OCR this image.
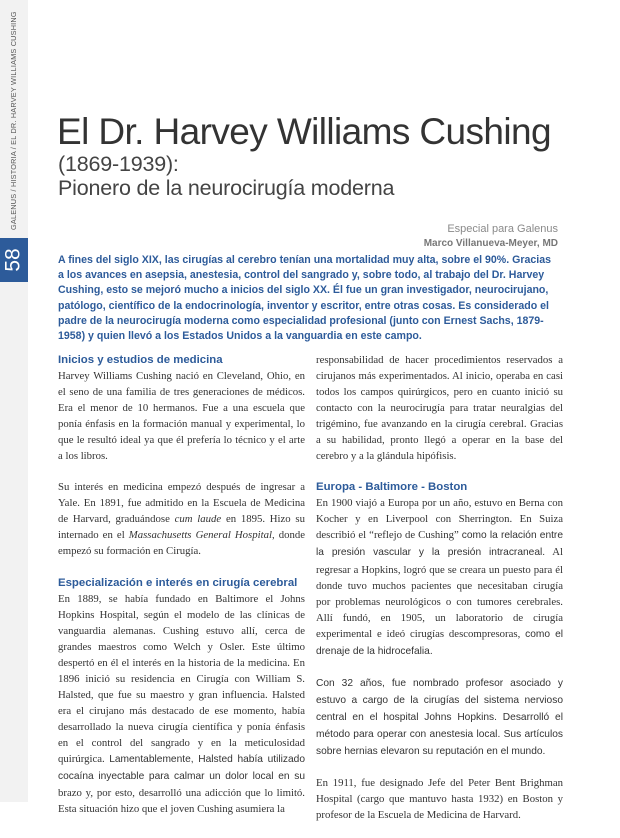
58
GALENUS / HISTORIA / EL DR. HARVEY WILLIAMS CUSHING El Dr. Harvey Williams Cushing
(1869-1939):
Pionero de la neurocirugía moderna
Especial para Galenus
Marco Villanueva-Meyer, MD
A fines del siglo XIX, las cirugías al cerebro tenían una mortalidad muy alta, sobre el 90%. Gracias a los avances en asepsia, anestesia, control del sangrado y, sobre todo, al trabajo del Dr. Harvey Cushing, esto se mejoró mucho a inicios del siglo XX. Él fue un gran investigador, neurocirujano, patólogo, científico de la endocrinología, inventor y escritor, entre otras cosas. Es considerado el padre de la neurocirugía moderna como especialidad profesional (junto con Ernest Sachs, 1879-1958) y quien llevó a los Estados Unidos a la vanguardia en este campo.
Inicios y estudios de medicina

Harvey Williams Cushing nació en Cleveland, Ohio, en el seno de una familia de tres generaciones de médicos. Era el menor de 10 hermanos. Fue a una escuela que ponía énfasis en la formación manual y experimental, lo que le resultó ideal ya que él prefería lo técnico y el arte a los libros.

Su interés en medicina empezó después de ingresar a Yale. En 1891, fue admitido en la Escuela de Medicina de Harvard, graduándose cum laude en 1895. Hizo su internado en el Massachusetts General Hospital, donde empezó su formación en Cirugía.

Especialización e interés en cirugía cerebral

En 1889, se había fundado en Baltimore el Johns Hopkins Hospital, según el modelo de las clínicas de vanguardia alemanas. Cushing estuvo allí, cerca de grandes maestros como Welch y Osler. Este último despertó en él el interés en la historia de la medicina. En 1896 inició su residencia en Cirugía con William S. Halsted, que fue su maestro y gran influencia. Halsted era el cirujano más destacado de ese momento, había desarrollado la nueva cirugía científica y ponía énfasis en el control del sangrado y en la meticulosidad quirúrgica. Lamentablemente, Halsted había utilizado cocaína inyectable para calmar un dolor local en su brazo y, por esto, desarrolló una adicción que lo limitó. Esta situación hizo que el joven Cushing asumiera la

responsabilidad de hacer procedimientos reservados a cirujanos más experimentados. Al inicio, operaba en casi todos los campos quirúrgicos, pero en cuanto inició su contacto con la neurocirugía para tratar neuralgias del trigémino, fue avanzando en la cirugía cerebral. Gracias a su habilidad, pronto llegó a operar en la base del cerebro y a la glándula hipófisis.

Europa - Baltimore - Boston

En 1900 viajó a Europa por un año, estuvo en Berna con Kocher y en Liverpool con Sherrington. En Suiza describió el “reflejo de Cushing” como la relación entre la presión vascular y la presión intracraneal. Al regresar a Hopkins, logró que se creara un puesto para él donde tuvo muchos pacientes que necesitaban cirugía por problemas neurológicos o con tumores cerebrales. Allí fundó, en 1905, un laboratorio de cirugía experimental e ideó cirugías descompresoras, como el drenaje de la hidrocefalia.

Con 32 años, fue nombrado profesor asociado y estuvo a cargo de la cirugías del sistema nervioso central en el hospital Johns Hopkins. Desarrolló el método para operar con anestesia local. Sus artículos sobre hernias elevaron su reputación en el mundo.

En 1911, fue designado Jefe del Peter Bent Brighman Hospital (cargo que mantuvo hasta 1932) en Boston y profesor de la Escuela de Medicina de Harvard.
